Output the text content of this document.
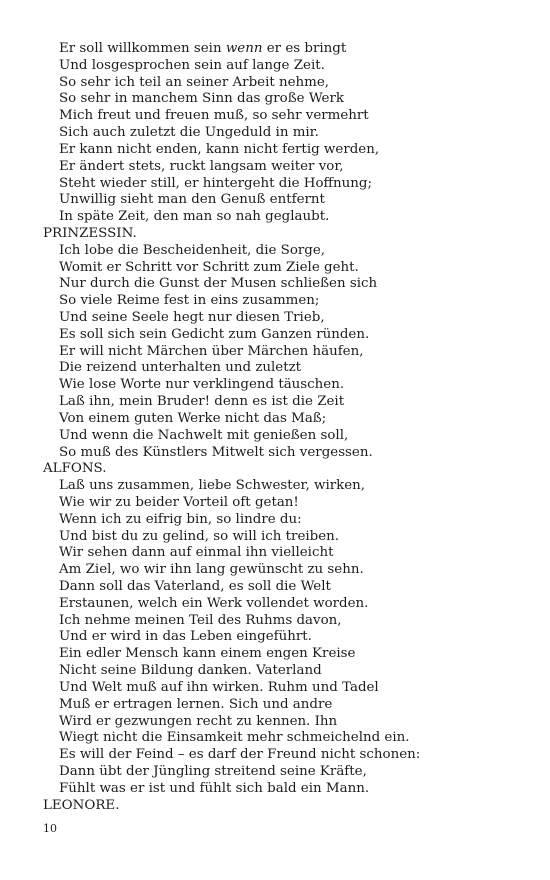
Er soll willkommen sein wenn er es bringt
Und losgesprochen sein auf lange Zeit.
So sehr ich teil an seiner Arbeit nehme,
So sehr in manchem Sinn das große Werk
Mich freut und freuen muß, so sehr vermehrt
Sich auch zuletzt die Ungeduld in mir.
Er kann nicht enden, kann nicht fertig werden,
Er ändert stets, ruckt langsam weiter vor,
Steht wieder still, er hintergeht die Hoffnung;
Unwillig sieht man den Genuß entfernt
In späte Zeit, den man so nah geglaubt.
PRINZESSIN.
Ich lobe die Bescheidenheit, die Sorge,
Womit er Schritt vor Schritt zum Ziele geht.
Nur durch die Gunst der Musen schließen sich
So viele Reime fest in eins zusammen;
Und seine Seele hegt nur diesen Trieb,
Es soll sich sein Gedicht zum Ganzen ründen.
Er will nicht Märchen über Märchen häufen,
Die reizend unterhalten und zuletzt
Wie lose Worte nur verklingend täuschen.
Laß ihn, mein Bruder! denn es ist die Zeit
Von einem guten Werke nicht das Maß;
Und wenn die Nachwelt mit genießen soll,
So muß des Künstlers Mitwelt sich vergessen.
ALFONS.
Laß uns zusammen, liebe Schwester, wirken,
Wie wir zu beider Vorteil oft getan!
Wenn ich zu eifrig bin, so lindre du:
Und bist du zu gelind, so will ich treiben.
Wir sehen dann auf einmal ihn vielleicht
Am Ziel, wo wir ihn lang gewünscht zu sehn.
Dann soll das Vaterland, es soll die Welt
Erstaunen, welch ein Werk vollendet worden.
Ich nehme meinen Teil des Ruhms davon,
Und er wird in das Leben eingeführt.
Ein edler Mensch kann einem engen Kreise
Nicht seine Bildung danken. Vaterland
Und Welt muß auf ihn wirken. Ruhm und Tadel
Muß er ertragen lernen. Sich und andre
Wird er gezwungen recht zu kennen. Ihn
Wiegt nicht die Einsamkeit mehr schmeichelnd ein.
Es will der Feind – es darf der Freund nicht schonen:
Dann übt der Jüngling streitend seine Kräfte,
Fühlt was er ist und fühlt sich bald ein Mann.
LEONORE.
10
